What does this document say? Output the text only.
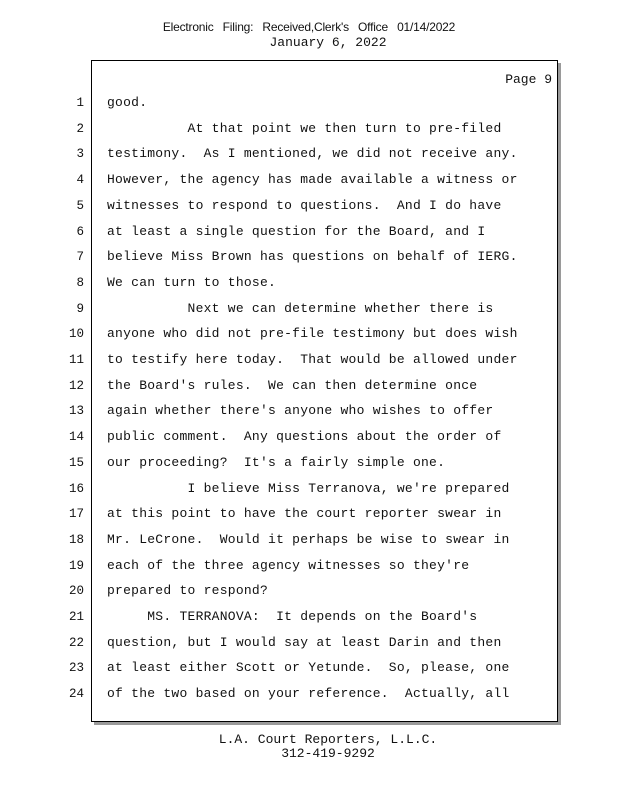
Electronic Filing: Received,Clerk's Office 01/14/2022
January 6, 2022
Page 9
1 good.
2 At that point we then turn to pre-filed
3 testimony.  As I mentioned, we did not receive any.
4 However, the agency has made available a witness or
5 witnesses to respond to questions.  And I do have
6 at least a single question for the Board, and I
7 believe Miss Brown has questions on behalf of IERG.
8 We can turn to those.
9 Next we can determine whether there is
10 anyone who did not pre-file testimony but does wish
11 to testify here today.  That would be allowed under
12 the Board's rules.  We can then determine once
13 again whether there's anyone who wishes to offer
14 public comment.  Any questions about the order of
15 our proceeding?  It's a fairly simple one.
16 I believe Miss Terranova, we're prepared
17 at this point to have the court reporter swear in
18 Mr. LeCrone.  Would it perhaps be wise to swear in
19 each of the three agency witnesses so they're
20 prepared to respond?
21 MS. TERRANOVA:  It depends on the Board's
22 question, but I would say at least Darin and then
23 at least either Scott or Yetunde.  So, please, one
24 of the two based on your reference.  Actually, all
L.A. Court Reporters, L.L.C.
312-419-9292
